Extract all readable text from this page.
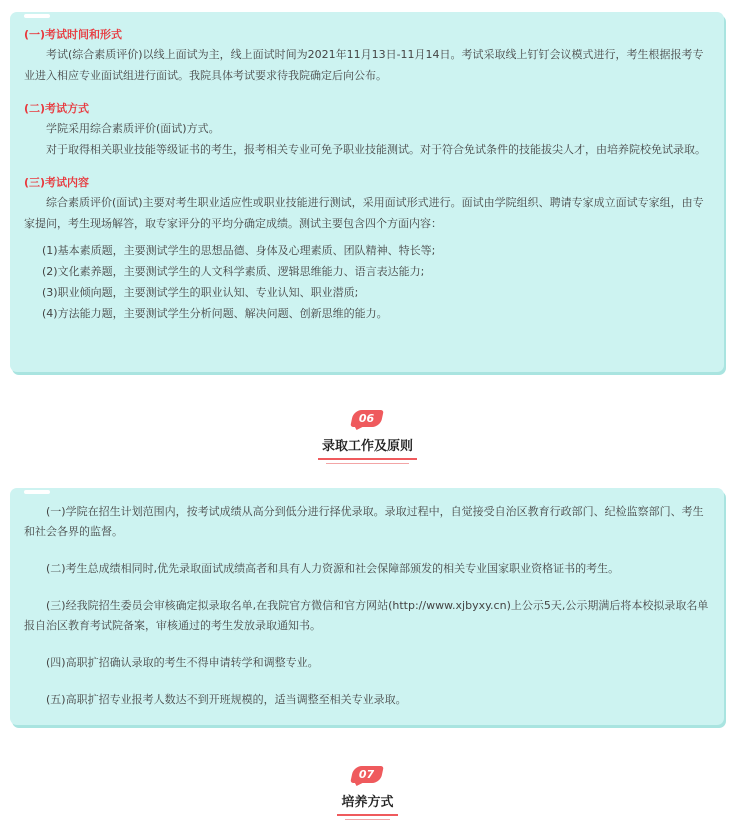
(一)考试时间和形式

考试(综合素质评价)以线上面试为主，线上面试时间为2021年11月13日-11月14日。考试采取线上钉钉会议模式进行，考生根据报考专业进入相应专业面试组进行面试。我院具体考试要求待我院确定后向公布。

(二)考试方式

学院采用综合素质评价(面试)方式。

对于取得相关职业技能等级证书的考生，报考相关专业可免予职业技能测试。对于符合免试条件的技能拔尖人才，由培养院校免试录取。

(三)考试内容

综合素质评价(面试)主要对考生职业适应性或职业技能进行测试，采用面试形式进行。面试由学院组织、聘请专家成立面试专家组，由专家提问，考生现场解答，取专家评分的平均分确定成绩。测试主要包含四个方面内容：

(1)基本素质题，主要测试学生的思想品德、身体及心理素质、团队精神、特长等;

(2)文化素养题，主要测试学生的人文科学素质、逻辑思维能力、语言表达能力;

(3)职业倾向题，主要测试学生的职业认知、专业认知、职业潜质;

(4)方法能力题，主要测试学生分析问题、解决问题、创新思维的能力。

06
录取工作及原则

(一)学院在招生计划范围内，按考试成绩从高分到低分进行择优录取。录取过程中，自觉接受自治区教育行政部门、纪检监察部门、考生和社会各界的监督。

(二)考生总成绩相同时,优先录取面试成绩高者和具有人力资源和社会保障部颁发的相关专业国家职业资格证书的考生。

(三)经我院招生委员会审核确定拟录取名单,在我院官方微信和官方网站(http://www.xjbyxy.cn)上公示5天,公示期满后将本校拟录取名单报自治区教育考试院备案，审核通过的考生发放录取通知书。

(四)高职扩招确认录取的考生不得申请转学和调整专业。

(五)高职扩招专业报考人数达不到开班规模的，适当调整至相关专业录取。

07
培养方式
